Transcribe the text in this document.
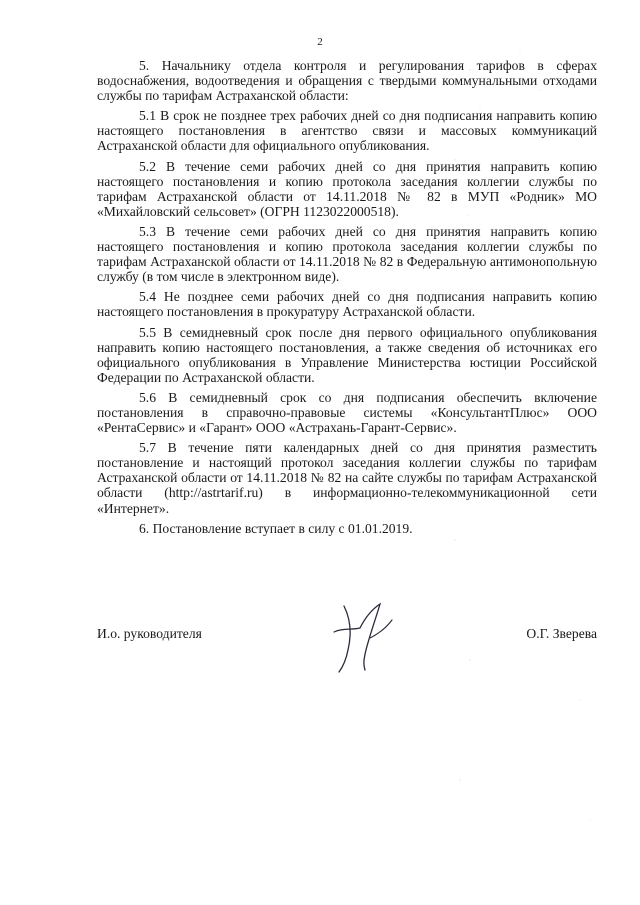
2

5. Начальнику отдела контроля и регулирования тарифов в сферах водоснабжения, водоотведения и обращения с твердыми коммунальными отходами службы по тарифам Астраханской области:

5.1 В срок не позднее трех рабочих дней со дня подписания направить копию настоящего постановления в агентство связи и массовых коммуникаций Астраханской области для официального опубликования.

5.2 В течение семи рабочих дней со дня принятия направить копию настоящего постановления и копию протокола заседания коллегии службы по тарифам Астраханской области от 14.11.2018 № 82 в МУП «Родник» МО «Михайловский сельсовет» (ОГРН 1123022000518).

5.3 В течение семи рабочих дней со дня принятия направить копию настоящего постановления и копию протокола заседания коллегии службы по тарифам Астраханской области от 14.11.2018 № 82 в Федеральную антимонопольную службу (в том числе в электронном виде).

5.4 Не позднее семи рабочих дней со дня подписания направить копию настоящего постановления в прокуратуру Астраханской области.

5.5 В семидневный срок после дня первого официального опубликования направить копию настоящего постановления, а также сведения об источниках его официального опубликования в Управление Министерства юстиции Российской Федерации по Астраханской области.

5.6 В семидневный срок со дня подписания обеспечить включение постановления в справочно-правовые системы «КонсультантПлюс» ООО «РентаСервис» и «Гарант» ООО «Астрахань-Гарант-Сервис».

5.7 В течение пяти календарных дней со дня принятия разместить постановление и настоящий протокол заседания коллегии службы по тарифам Астраханской области от 14.11.2018 № 82 на сайте службы по тарифам Астраханской области (http://astrtarif.ru) в информационно-телекоммуникационной сети «Интернет».

6. Постановление вступает в силу с 01.01.2019.

И.о. руководителя	О.Г. Зверева
